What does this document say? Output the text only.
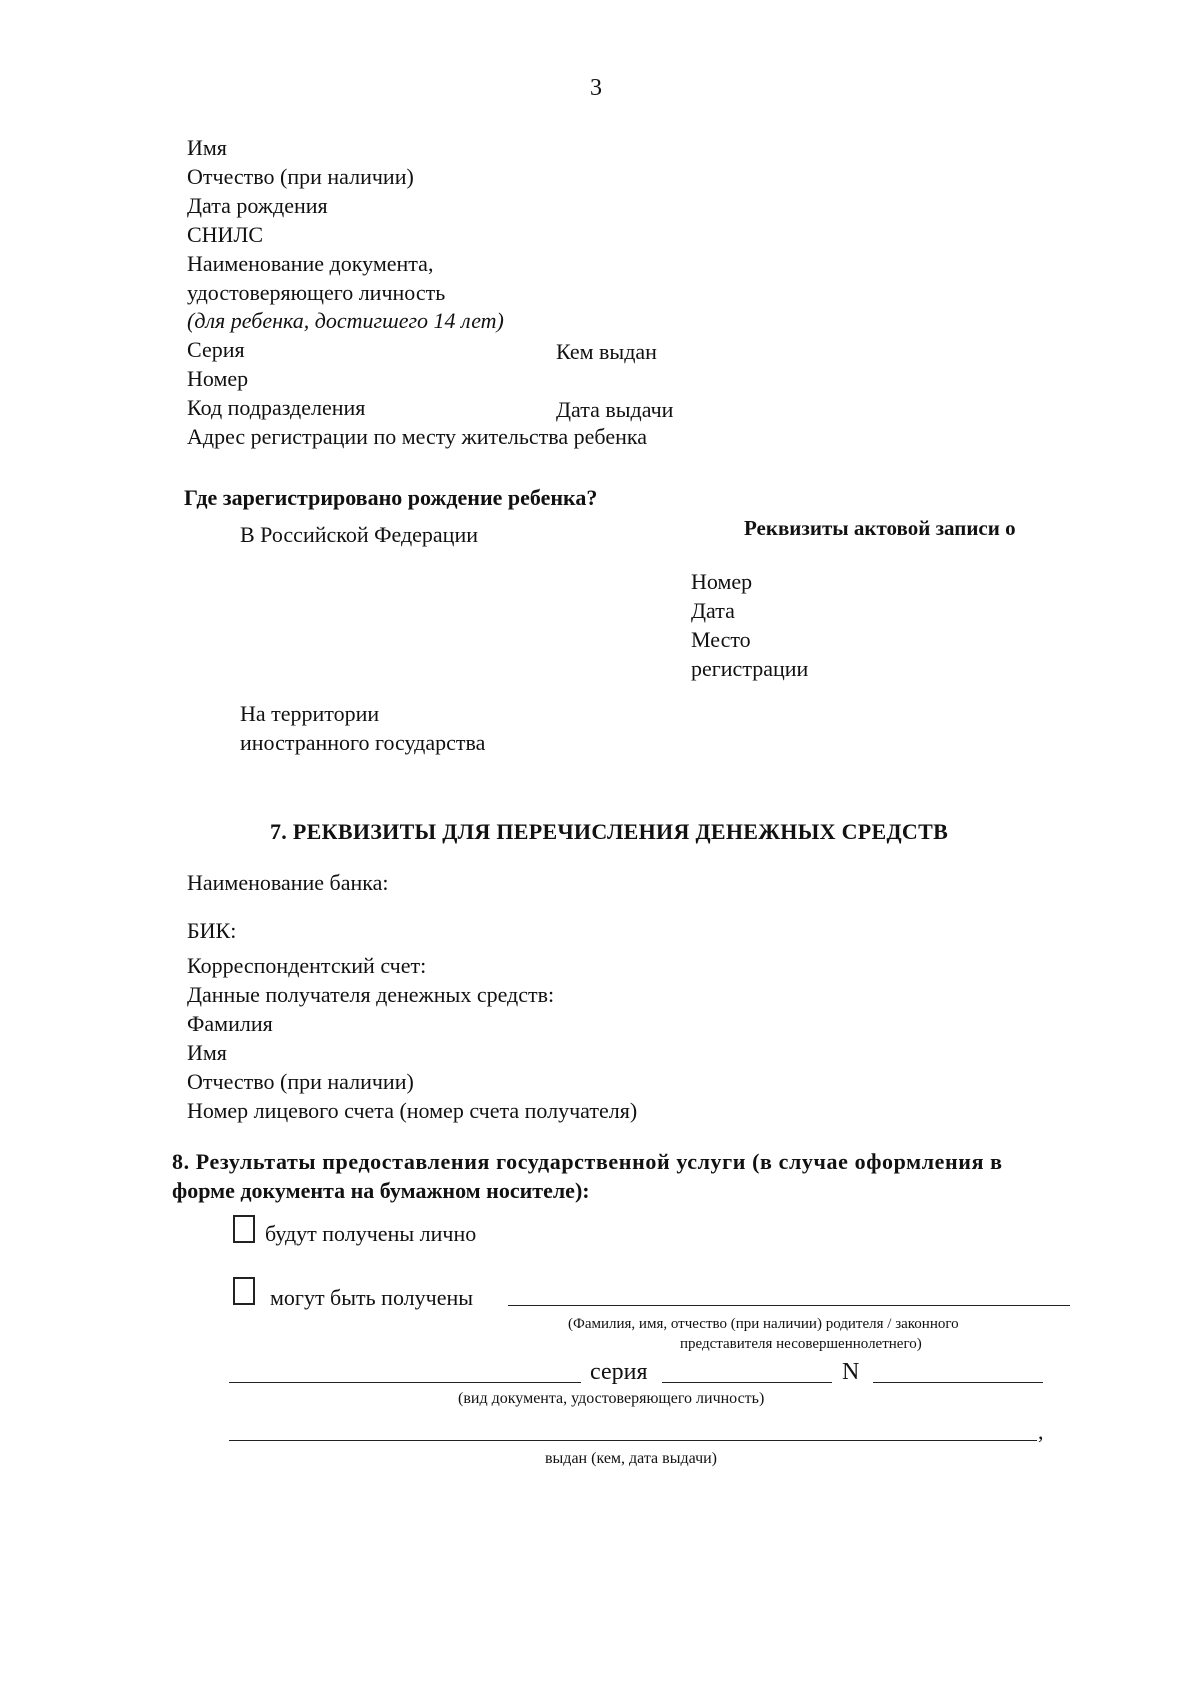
3
Имя
Отчество (при наличии)
Дата рождения
СНИЛС
Наименование документа,
удостоверяющего личность
(для ребенка, достигшего 14 лет)
Серия	Кем выдан
Номер
Код подразделения	Дата выдачи
Адрес регистрации по месту жительства ребенка
Где зарегистрировано рождение ребенка?
В Российской Федерации	Реквизиты актовой записи о
Номер
Дата
Место
регистрации
На территории
иностранного государства
7. РЕКВИЗИТЫ ДЛЯ ПЕРЕЧИСЛЕНИЯ ДЕНЕЖНЫХ СРЕДСТВ
Наименование банка:
БИК:
Корреспондентский счет:
Данные получателя денежных средств:
Фамилия
Имя
Отчество (при наличии)
Номер лицевого счета (номер счета получателя)
8. Результаты предоставления государственной услуги (в случае оформления в
форме документа на бумажном носителе):
будут получены лично
могут быть получены
(Фамилия, имя, отчество (при наличии) родителя / законного
представителя несовершеннолетнего)
серия	N
(вид документа, удостоверяющего личность)
,
выдан (кем, дата выдачи)
